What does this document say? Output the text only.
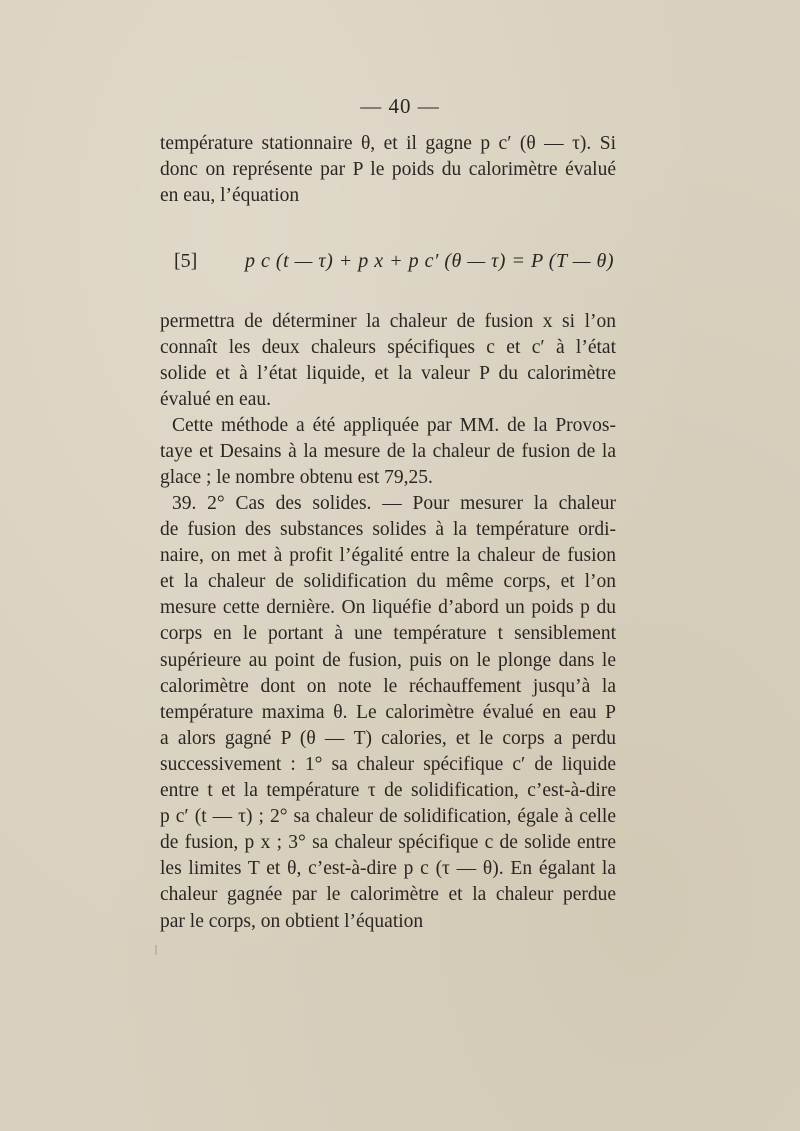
— 40 —
température stationnaire θ, et il gagne p c′ (θ — τ). Si
donc on représente par P le poids du calorimètre évalué
en eau, l’équation
[5] p c (t — τ) + p x + p c′ (θ — τ) = P (T — θ)
permettra de déterminer la chaleur de fusion x si l’on
connaît les deux chaleurs spécifiques c et c′ à l’état
solide et à l’état liquide, et la valeur P du calorimètre
évalué en eau.
Cette méthode a été appliquée par MM. de la Provos-
taye et Desains à la mesure de la chaleur de fusion de la
glace ; le nombre obtenu est 79,25.
39. 2° Cas des solides. — Pour mesurer la chaleur
de fusion des substances solides à la température ordi-
naire, on met à profit l’égalité entre la chaleur de fusion
et la chaleur de solidification du même corps, et l’on
mesure cette dernière. On liquéfie d’abord un poids p du
corps en le portant à une température t sensiblement
supérieure au point de fusion, puis on le plonge dans le
calorimètre dont on note le réchauffement jusqu’à la
température maxima θ. Le calorimètre évalué en eau P
a alors gagné P (θ — T) calories, et le corps a perdu
successivement : 1° sa chaleur spécifique c′ de liquide
entre t et la température τ de solidification, c’est-à-dire
p c′ (t — τ) ; 2° sa chaleur de solidification, égale à celle
de fusion, p x ; 3° sa chaleur spécifique c de solide entre
les limites T et θ, c’est-à-dire p c (τ — θ). En égalant la
chaleur gagnée par le calorimètre et la chaleur perdue
par le corps, on obtient l’équation
